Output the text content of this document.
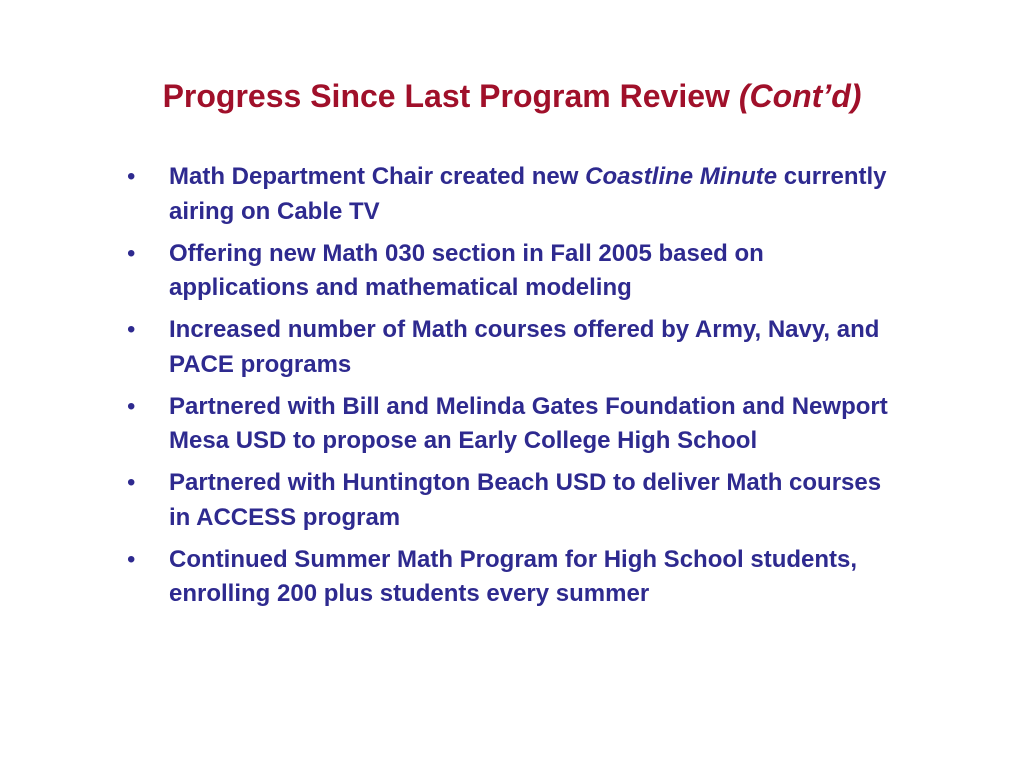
Progress Since Last Program Review (Cont’d)
• Math Department Chair created new Coastline Minute currently airing on Cable TV
• Offering new Math 030 section in Fall 2005 based on applications and mathematical modeling
• Increased number of Math courses offered by Army, Navy, and PACE programs
• Partnered with Bill and Melinda Gates Foundation and Newport Mesa USD to propose an Early College High School
• Partnered with Huntington Beach USD to deliver Math courses in ACCESS program
• Continued Summer Math Program for High School students, enrolling 200 plus students every summer
